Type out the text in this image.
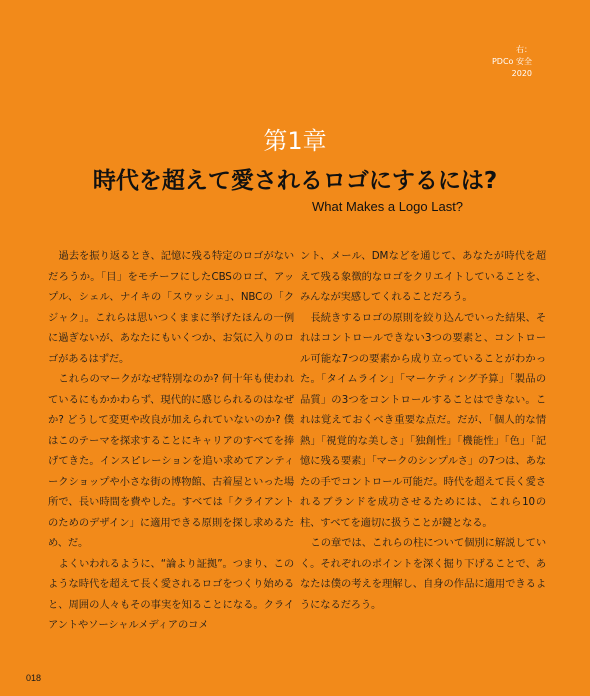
右：
PDCo 安全
2020
第1章
時代を超えて愛されるロゴにするには?
What Makes a Logo Last?

過去を振り返るとき、記憶に残る特定のロゴがないだろうか。「目」をモチーフにしたCBSのロゴ、アップル、シェル、ナイキの「スウッシュ」、NBCの「クジャク」。これらは思いつくままに挙げたほんの一例に過ぎないが、あなたにもいくつか、お気に入りのロゴがあるはずだ。

これらのマークがなぜ特別なのか? 何十年も使われているにもかかわらず、現代的に感じられるのはなぜか? どうして変更や改良が加えられていないのか? 僕はこのテーマを探求することにキャリアのすべてを捧げてきた。インスピレーションを追い求めてアンティークショップや小さな街の博物館、古着屋といった場所で、長い時間を費やした。すべては「クライアントのためのデザイン」に適用できる原則を探し求めるため、だ。

よくいわれるように、“論より証拠”。つまり、このような時代を超えて長く愛されるロゴをつくり始めると、周囲の人々もその事実を知ることになる。クライアントやソーシャルメディアのコメ

ント、メール、DMなどを通じて、あなたが時代を超えて残る象徴的なロゴをクリエイトしていることを、みんなが実感してくれることだろう。

長続きするロゴの原則を絞り込んでいった結果、それはコントロールできない3つの要素と、コントロール可能な7つの要素から成り立っていることがわかった。「タイムライン」「マーケティング予算」「製品の品質」の3つをコントロールすることはできない。これは覚えておくべき重要な点だ。だが、「個人的な情熱」「視覚的な美しさ」「独創性」「機能性」「色」「記憶に残る要素」「マークのシンプルさ」の7つは、あなたの手でコントロール可能だ。時代を超えて長く愛されるブランドを成功させるためには、これら10の柱、すべてを適切に扱うことが鍵となる。

この章では、これらの柱について個別に解説していく。それぞれのポイントを深く掘り下げることで、あなたは僕の考えを理解し、自身の作品に適用できるようになるだろう。

018
